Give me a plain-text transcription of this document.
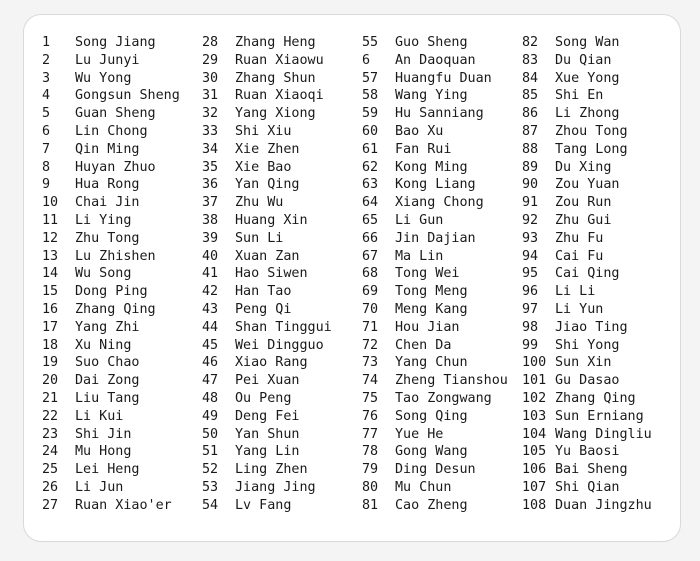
1 Song Jiang
2 Lu Junyi
3 Wu Yong
4 Gongsun Sheng
5 Guan Sheng
6 Lin Chong
7 Qin Ming
8 Huyan Zhuo
9 Hua Rong
10 Chai Jin
11 Li Ying
12 Zhu Tong
13 Lu Zhishen
14 Wu Song
15 Dong Ping
16 Zhang Qing
17 Yang Zhi
18 Xu Ning
19 Suo Chao
20 Dai Zong
21 Liu Tang
22 Li Kui
23 Shi Jin
24 Mu Hong
25 Lei Heng
26 Li Jun
27 Ruan Xiao'er
28 Zhang Heng
29 Ruan Xiaowu
30 Zhang Shun
31 Ruan Xiaoqi
32 Yang Xiong
33 Shi Xiu
34 Xie Zhen
35 Xie Bao
36 Yan Qing
37 Zhu Wu
38 Huang Xin
39 Sun Li
40 Xuan Zan
41 Hao Siwen
42 Han Tao
43 Peng Qi
44 Shan Tinggui
45 Wei Dingguo
46 Xiao Rang
47 Pei Xuan
48 Ou Peng
49 Deng Fei
50 Yan Shun
51 Yang Lin
52 Ling Zhen
53 Jiang Jing
54 Lv Fang
55 Guo Sheng
6 An Daoquan
57 Huangfu Duan
58 Wang Ying
59 Hu Sanniang
60 Bao Xu
61 Fan Rui
62 Kong Ming
63 Kong Liang
64 Xiang Chong
65 Li Gun
66 Jin Dajian
67 Ma Lin
68 Tong Wei
69 Tong Meng
70 Meng Kang
71 Hou Jian
72 Chen Da
73 Yang Chun
74 Zheng Tianshou
75 Tao Zongwang
76 Song Qing
77 Yue He
78 Gong Wang
79 Ding Desun
80 Mu Chun
81 Cao Zheng
82 Song Wan
83 Du Qian
84 Xue Yong
85 Shi En
86 Li Zhong
87 Zhou Tong
88 Tang Long
89 Du Xing
90 Zou Yuan
91 Zou Run
92 Zhu Gui
93 Zhu Fu
94 Cai Fu
95 Cai Qing
96 Li Li
97 Li Yun
98 Jiao Ting
99 Shi Yong
100 Sun Xin
101 Gu Dasao
102 Zhang Qing
103 Sun Erniang
104 Wang Dingliu
105 Yu Baosi
106 Bai Sheng
107 Shi Qian
108 Duan Jingzhu
